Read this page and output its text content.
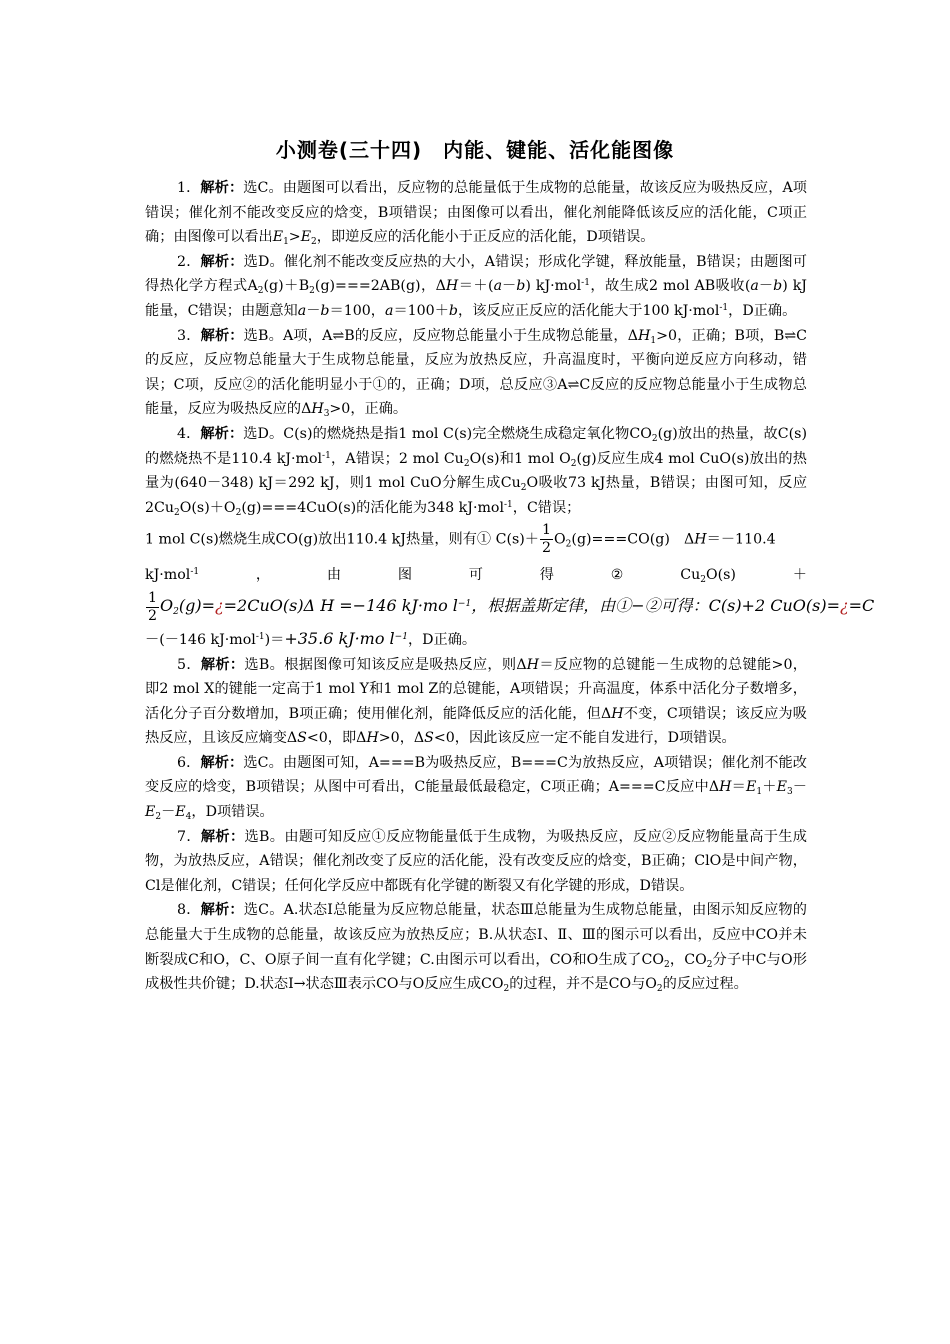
小测卷(三十四)　内能、键能、活化能图像

1．解析：选C。由题图可以看出，反应物的总能量低于生成物的总能量，故该反应为吸热反应，A项错误；催化剂不能改变反应的焓变，B项错误；由图像可以看出，催化剂能降低该反应的活化能，C项正确；由图像可以看出$E_1>E_2$，即逆反应的活化能小于正反应的活化能，D项错误。

2．解析：选D。催化剂不能改变反应热的大小，A错误；形成化学键，释放能量，B错误；由题图可得热化学方程式$A_2(g)+B_2(g)===2AB(g)$，ΔH＝＋(a－b) kJ·mol$^{-1}$，故生成2 mol AB吸收(a－b) kJ能量，C错误；由题意知a－b＝100，a＝100＋b，该反应正反应的活化能大于100 kJ·mol$^{-1}$，D正确。

3．解析：选B。A项，A⇌B的反应，反应物总能量小于生成物总能量，$\Delta H_1>0$，正确；B项，B⇌C的反应，反应物总能量大于生成物总能量，反应为放热反应，升高温度时，平衡向逆反应方向移动，错误；C项，反应②的活化能明显小于①的，正确；D项，总反应③A⇌C反应的反应物总能量小于生成物总能量，反应为吸热反应的$\Delta H_3>0$，正确。

4．解析：选D。C(s)的燃烧热是指1 mol C(s)完全燃烧生成稳定氧化物$CO_2(g)$放出的热量，故C(s)的燃烧热不是110.4 kJ·mol$^{-1}$，A错误；2 mol $Cu_2O(s)$和1 mol $O_2(g)$反应生成4 mol CuO(s)放出的热量为(640－348) kJ＝292 kJ，则1 mol CuO分解生成$Cu_2O$吸收73 kJ热量，B错误；由图可知，反应$2Cu_2O(s)+O_2(g)===4CuO(s)$的活化能为348 kJ·mol$^{-1}$，C错误；

1 mol C(s)燃烧生成CO(g)放出110.4 kJ热量，则有① $C(s)+ \frac{1}{2} O_2(g)===CO(g)$　ΔH＝－110.4
kJ·mol$^{-1}$	，	由	图	可	得	②	$Cu_2O(s)$	＋
$\frac{1}{2}$ $O_2(g)=¿=2CuO(s)\Delta$ H =−146 kJ·mo $l^{-1}$，根据盖斯定律，由①−②可得：C(s)+2 CuO(s)=¿=C
－(－146 kJ·mol$^{-1}$)＝+35.6 kJ·mo $l^{-1}$，D正确。

5．解析：选B。根据图像可知该反应是吸热反应，则ΔH＝反应物的总键能－生成物的总键能>0，即2 mol X的键能一定高于1 mol Y和1 mol Z的总键能，A项错误；升高温度，体系中活化分子数增多，活化分子百分数增加，B项正确；使用催化剂，能降低反应的活化能，但ΔH不变，C项错误；该反应为吸热反应，且该反应熵变ΔS<0，即ΔH>0，ΔS<0，因此该反应一定不能自发进行，D项错误。

6．解析：选C。由题图可知，A===B为吸热反应，B===C为放热反应，A项错误；催化剂不能改变反应的焓变，B项错误；从图中可看出，C能量最低最稳定，C项正确；A===C反应中$\Delta H=E_1+E_3-E_2-E_4$，D项错误。

7．解析：选B。由题可知反应①反应物能量低于生成物，为吸热反应，反应②反应物能量高于生成物，为放热反应，A错误；催化剂改变了反应的活化能，没有改变反应的焓变，B正确；ClO是中间产物，Cl是催化剂，C错误；任何化学反应中都既有化学键的断裂又有化学键的形成，D错误。

8．解析：选C。A.状态Ⅰ总能量为反应物总能量，状态Ⅲ总能量为生成物总能量，由图示知反应物的总能量大于生成物的总能量，故该反应为放热反应；B.从状态Ⅰ、Ⅱ、Ⅲ的图示可以看出，反应中CO并未断裂成C和O，C、O原子间一直有化学键；C.由图示可以看出，CO和O生成了$CO_2$，$CO_2$分子中C与O形成极性共价键；D.状态Ⅰ→状态Ⅲ表示CO与O反应生成$CO_2$的过程，并不是CO与$O_2$的反应过程。
